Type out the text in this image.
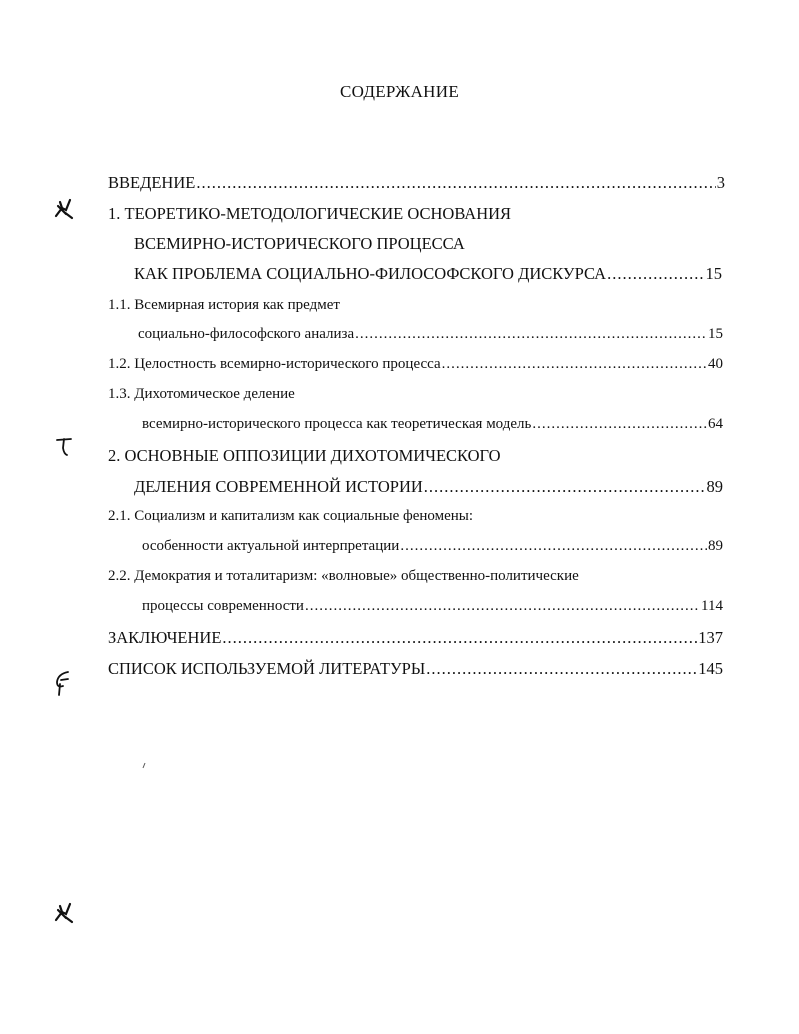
СОДЕРЖАНИЕ
ВВЕДЕНИЕ .....	3
1. ТЕОРЕТИКО-МЕТОДОЛОГИЧЕСКИЕ ОСНОВАНИЯ
ВСЕМИРНО-ИСТОРИЧЕСКОГО ПРОЦЕССА
КАК ПРОБЛЕМА СОЦИАЛЬНО-ФИЛОСОФСКОГО ДИСКУРСА .....	15
1.1. Всемирная история как предмет
социально-философского анализа .....	15
1.2. Целостность всемирно-исторического процесса .....	40
1.3. Дихотомическое деление
всемирно-исторического процесса как теоретическая модель .....	64
2. ОСНОВНЫЕ ОППОЗИЦИИ ДИХОТОМИЧЕСКОГО
ДЕЛЕНИЯ СОВРЕМЕННОЙ ИСТОРИИ .....	89
2.1. Социализм и капитализм как социальные феномены:
особенности актуальной интерпретации .....	89
2.2. Демократия и тоталитаризм: «волновые» общественно-политические
процессы современности .....	114
ЗАКЛЮЧЕНИЕ .....	137
СПИСОК ИСПОЛЬЗУЕМОЙ ЛИТЕРАТУРЫ .....	145
